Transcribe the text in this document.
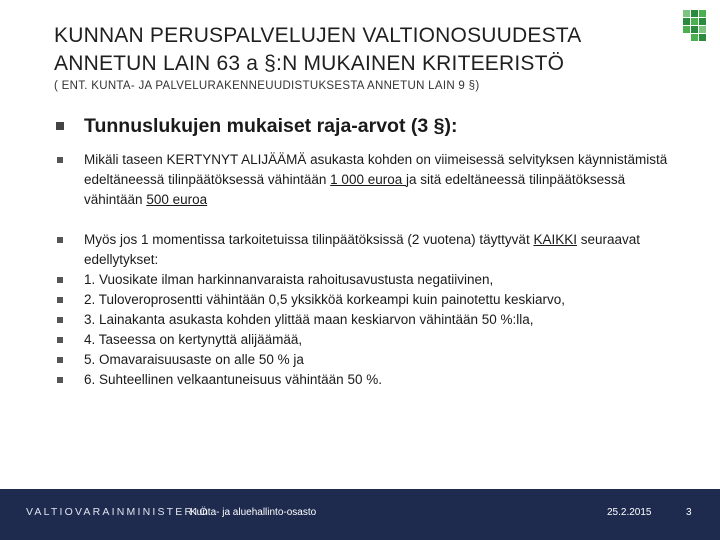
KUNNAN PERUSPALVELUJEN VALTIONOSUUDESTA
ANNETUN LAIN 63 a §:N MUKAINEN KRITEERISTÖ
( ENT. KUNTA- JA PALVELURAKENNEUUDISTUKSESTA ANNETUN LAIN 9 §)
Tunnuslukujen mukaiset raja-arvot (3 §):
Mikäli taseen KERTYNYT ALIJÄÄMÄ asukasta kohden on viimeisessä selvityksen käynnistämistä edeltäneessä tilinpäätöksessä vähintään 1 000 euroa ja sitä edeltäneessä tilinpäätöksessä vähintään 500 euroa
Myös jos 1 momentissa tarkoitetuissa tilinpäätöksissä (2 vuotena) täyttyvät KAIKKI seuraavat edellytykset:
1. Vuosikate ilman harkinnanvaraista rahoitusavustusta negatiivinen,
2. Tuloveroprosentti vähintään 0,5 yksikköä korkeampi kuin painotettu keskiarvo,
3. Lainakanta asukasta kohden ylittää maan keskiarvon vähintään 50 %:lla,
4. Taseessa on kertynyttä alijäämää,
5. Omavaraisuusaste on alle 50 % ja
6. Suhteellinen velkaantuneisuus vähintään 50 %.
VALTIOVARAINMINISTERIÖ
Kunta- ja aluehallinto-osasto	25.2.2015	3
